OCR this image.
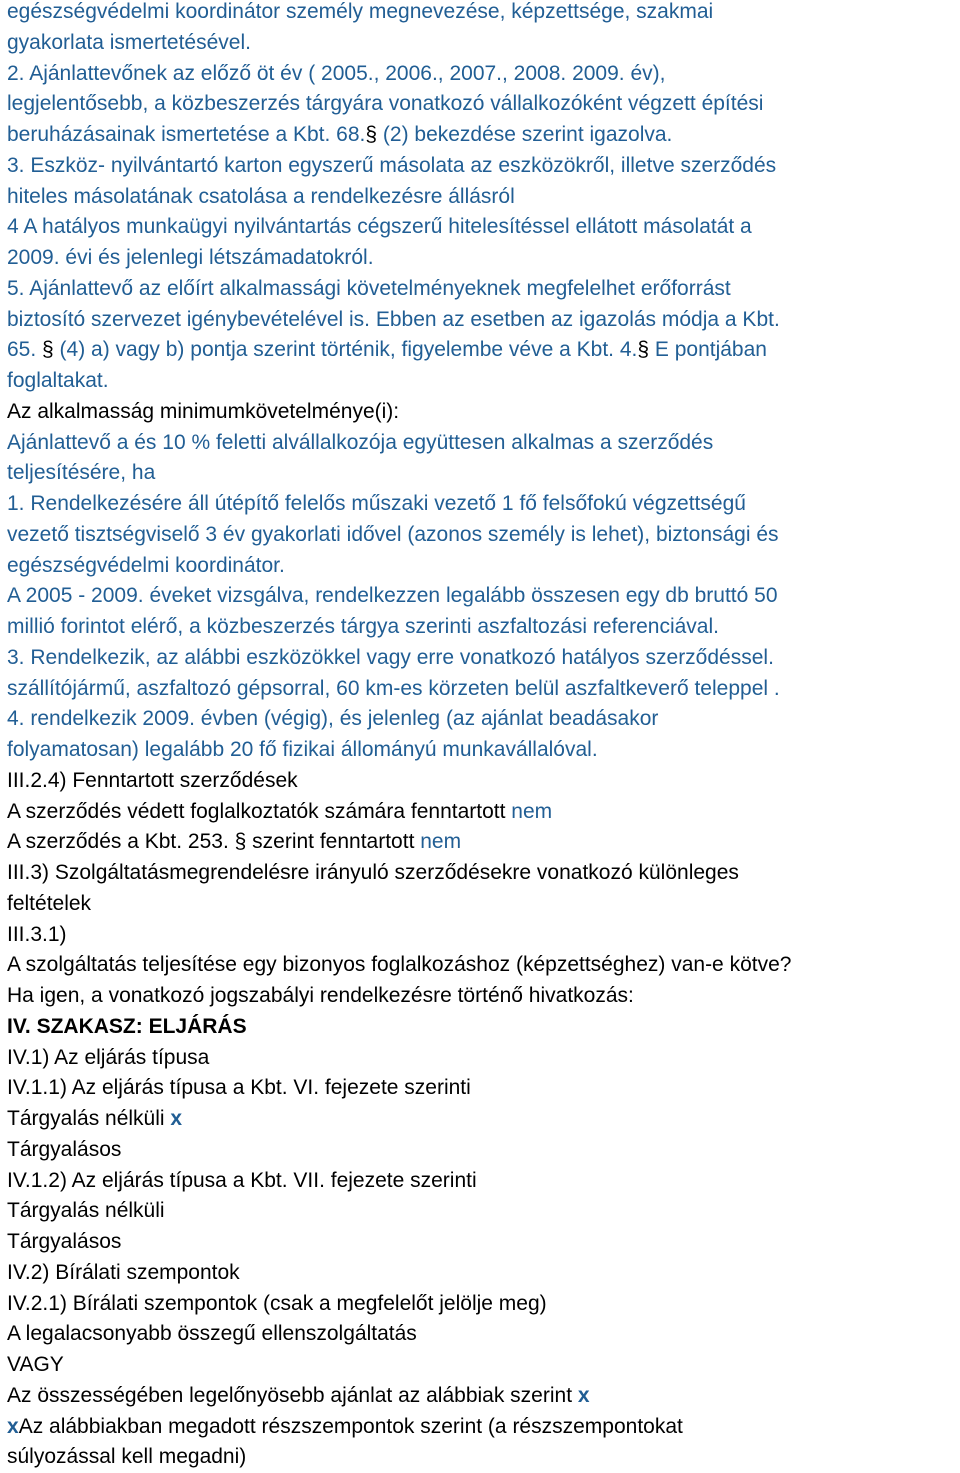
egészségvédelmi koordinátor személy megnevezése, képzettsége, szakmai
gyakorlata ismertetésével.
2. Ajánlattevőnek az előző öt év ( 2005., 2006., 2007., 2008. 2009. év),
legjelentősebb, a közbeszerzés tárgyára vonatkozó vállalkozóként végzett építési
beruházásainak ismertetése a Kbt. 68.§ (2) bekezdése szerint igazolva.
3. Eszköz- nyilvántartó karton egyszerű másolata az eszközökről, illetve szerződés
hiteles másolatának csatolása a rendelkezésre állásról
4 A hatályos munkaügyi nyilvántartás cégszerű hitelesítéssel ellátott másolatát a
2009. évi és jelenlegi létszámadatokról.
5. Ajánlattevő az előírt alkalmassági követelményeknek megfelelhet erőforrást
biztosító szervezet igénybevételével is. Ebben az esetben az igazolás módja a Kbt.
65. § (4) a) vagy b) pontja szerint történik, figyelembe véve a Kbt. 4.§ E pontjában
foglaltakat.
Az alkalmasság minimumkövetelménye(i):
Ajánlattevő a és 10 % feletti alvállalkozója együttesen alkalmas a szerződés
teljesítésére, ha
1. Rendelkezésére áll útépítő felelős műszaki vezető 1 fő felsőfokú végzettségű
vezető tisztségviselő 3 év gyakorlati idővel (azonos személy is lehet), biztonsági és
egészségvédelmi koordinátor.
A 2005 - 2009. éveket vizsgálva, rendelkezzen legalább összesen egy db bruttó 50
millió forintot elérő, a közbeszerzés tárgya szerinti aszfaltozási referenciával.
3. Rendelkezik, az alábbi eszközökkel vagy erre vonatkozó hatályos szerződéssel.
szállítójármű, aszfaltozó gépsorral, 60 km-es körzeten belül aszfaltkeverő teleppel .
4. rendelkezik 2009. évben (végig), és jelenleg (az ajánlat beadásakor
folyamatosan) legalább 20 fő fizikai állományú munkavállalóval.
III.2.4) Fenntartott szerződések
A szerződés védett foglalkoztatók számára fenntartott nem
A szerződés a Kbt. 253. § szerint fenntartott nem
III.3) Szolgáltatásmegrendelésre irányuló szerződésekre vonatkozó különleges
feltételek
III.3.1)
A szolgáltatás teljesítése egy bizonyos foglalkozáshoz (képzettséghez) van-e kötve?
Ha igen, a vonatkozó jogszabályi rendelkezésre történő hivatkozás:
IV. SZAKASZ: ELJÁRÁS
IV.1) Az eljárás típusa
IV.1.1) Az eljárás típusa a Kbt. VI. fejezete szerinti
Tárgyalás nélküli x
Tárgyalásos
IV.1.2) Az eljárás típusa a Kbt. VII. fejezete szerinti
Tárgyalás nélküli
Tárgyalásos
IV.2) Bírálati szempontok
IV.2.1) Bírálati szempontok (csak a megfelelőt jelölje meg)
A legalacsonyabb összegű ellenszolgáltatás
VAGY
Az összességében legelőnyösebb ajánlat az alábbiak szerint x
xAz alábbiakban megadott részszempontok szerint (a részszempontokat
súlyozással kell megadni)
